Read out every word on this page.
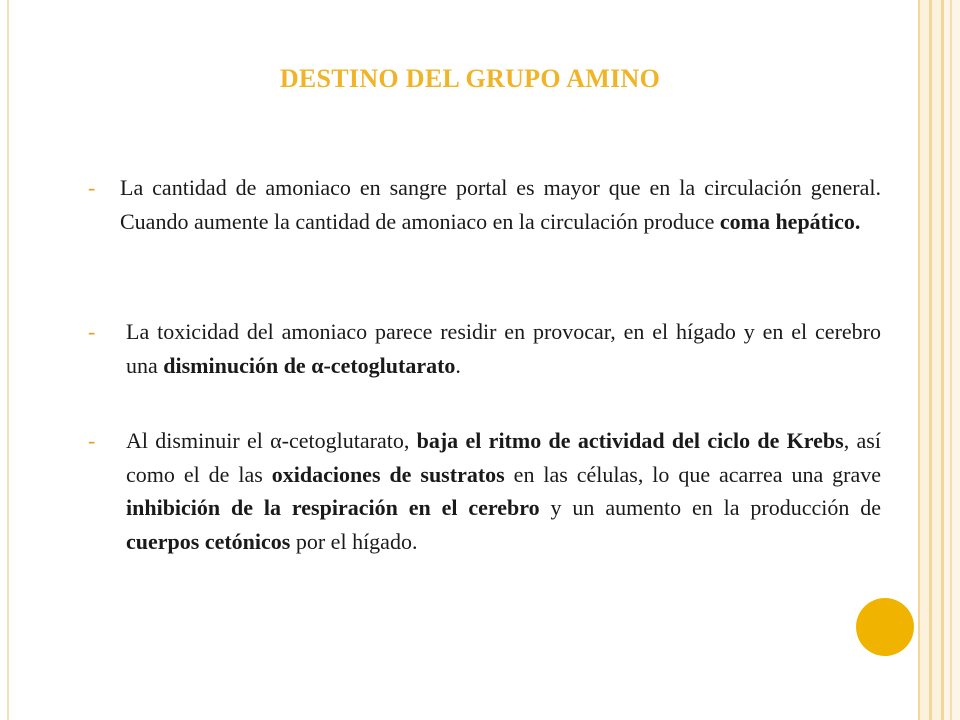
DESTINO DEL GRUPO AMINO
- La cantidad de amoniaco en sangre portal es mayor que en la circulación general. Cuando aumente la cantidad de amoniaco en la circulación produce coma hepático.
- La toxicidad del amoniaco parece residir en provocar, en el hígado y en el cerebro una disminución de α-cetoglutarato.
- Al disminuir el α-cetoglutarato, baja el ritmo de actividad del ciclo de Krebs, así como el de las oxidaciones de sustratos en las células, lo que acarrea una grave inhibición de la respiración en el cerebro y un aumento en la producción de cuerpos cetónicos por el hígado.
